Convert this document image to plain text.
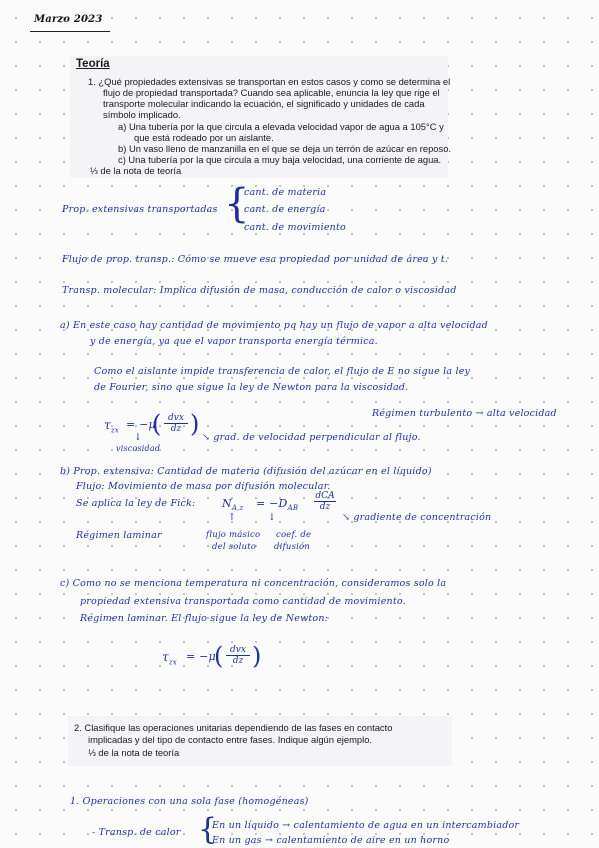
Marzo 2023
Teoría
1. ¿Qué propiedades extensivas se transportan en estos casos y como se determina el
flujo de propiedad transportada? Cuando sea aplicable, enuncia la ley que rige el
transporte molecular indicando la ecuación, el significado y unidades de cada
símbolo implicado.
a) Una tubería por la que circula a elevada velocidad vapor de agua a 105°C y
que está rodeado por un aislante.
b) Un vaso lleno de manzanilla en el que se deja un terrón de azúcar en reposo.
c) Una tubería por la que circula a muy baja velocidad, una corriente de agua.
⅓ de la nota de teoría
Prop. extensivas transportadas {
cant. de materia
cant. de energía
cant. de movimiento
Flujo de prop. transp.: Cómo se mueve esa propiedad por unidad de área y t.
Transp. molecular: Implica difusión de masa, conducción de calor o viscosidad
a) En este caso hay cantidad de movimiento pq hay un flujo de vapor a alta velocidad
y de energía, ya que el vapor transporta energía térmica.
Como el aislante impide transferencia de calor, el flujo de E no sigue la ley
de Fourier, sino que sigue la ley de Newton para la viscosidad.
Régimen turbulento → alta velocidad
$\tau_{zx} = -\mu$
( dvx
dz )
↓
viscosidad
↘ grad. de velocidad perpendicular al flujo.
b) Prop. extensiva: Cantidad de materia (difusión del azúcar en el líquido)
Flujo: Movimiento de masa por difusión molecular.
Se aplica la ley de Fick: $N_{A,z} = -D_{AB}$
dCA
dz
↘ gradiente de concentración
↑	↓
Régimen laminar	flujo másico
del soluto
coef. de
difusión
c) Como no se menciona temperatura ni concentración, consideramos solo la
propiedad extensiva transportada como cantidad de movimiento.
Régimen laminar. El flujo sigue la ley de Newton:
$\tau_{zx} = -\mu$
( dvx
dz )
2. Clasifique las operaciones unitarias dependiendo de las fases en contacto
implicadas y del tipo de contacto entre fases. Indique algún ejemplo.
⅓ de la nota de teoría
1. Operaciones con una sola fase (homogéneas)
- Transp. de calor {
En un líquido → calentamiento de agua en un intercambiador
En un gas → calentamiento de aire en un horno
